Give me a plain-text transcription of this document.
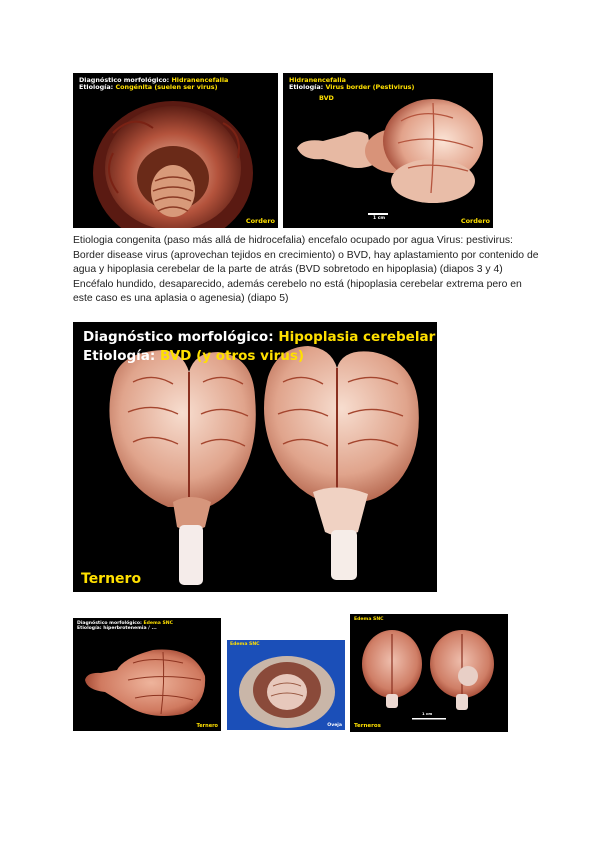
Diagnóstico morfológico: Hidranencefalia
Etiología: Congénita (suelen ser virus)
Cordero
Hidranencefalia
Etiología: Virus border (Pestivirus)
BVD
1 cm	Cordero
Etiologia congenita (paso más allá de hidrocefalia) encefalo ocupado por agua Virus: pestivirus: Border disease virus (aprovechan tejidos en crecimiento) o BVD, hay aplastamiento por contenido de agua y hipoplasia cerebelar de la parte de atrás (BVD sobretodo en hipoplasia) (diapos 3 y 4) Encéfalo hundido, desaparecido, además cerebelo no está (hipoplasia cerebelar extrema pero en este caso es una aplasia o agenesia) (diapo 5)
Diagnóstico morfológico: Hipoplasia cerebelar
Etiología: BVD (y otros virus)
Ternero
Diagnóstico morfológico: Edema SNC
Etiología: hiperbrotenemia / ...
Ternero
Edema SNC
Oveja
Edema SNC
1 cm
Terneros
